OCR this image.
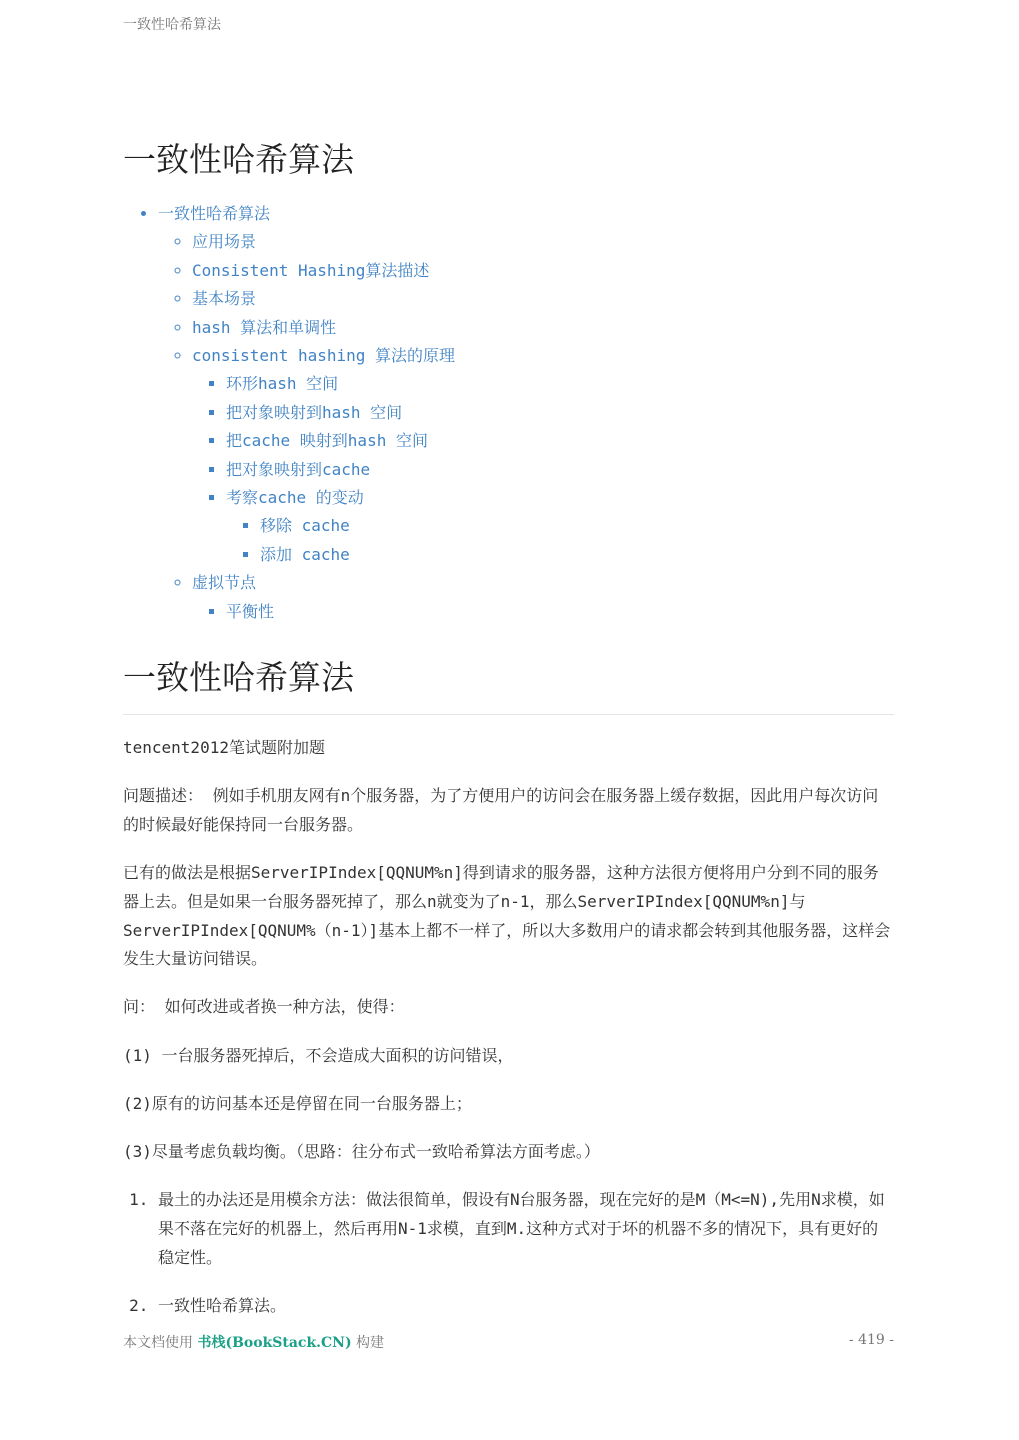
一致性哈希算法
一致性哈希算法
• 一致性哈希算法
◦ 应用场景
◦ Consistent Hashing算法描述
◦ 基本场景
◦ hash 算法和单调性
◦ consistent hashing 算法的原理
▪ 环形hash 空间
▪ 把对象映射到hash 空间
▪ 把cache 映射到hash 空间
▪ 把对象映射到cache
▪ 考察cache 的变动
▪ 移除 cache
▪ 添加 cache
◦ 虚拟节点
▪ 平衡性
一致性哈希算法

tencent2012笔试题附加题

问题描述： 例如手机朋友网有n个服务器，为了方便用户的访问会在服务器上缓存数据，因此用户每次访问的时候最好能保持同一台服务器。

已有的做法是根据ServerIPIndex[QQNUM%n]得到请求的服务器，这种方法很方便将用户分到不同的服务器上去。但是如果一台服务器死掉了，那么n就变为了n-1，那么ServerIPIndex[QQNUM%n]与ServerIPIndex[QQNUM%（n-1）]基本上都不一样了，所以大多数用户的请求都会转到其他服务器，这样会发生大量访问错误。

问： 如何改进或者换一种方法，使得：

(1) 一台服务器死掉后，不会造成大面积的访问错误，

(2)原有的访问基本还是停留在同一台服务器上；

(3)尽量考虑负载均衡。（思路：往分布式一致哈希算法方面考虑。）

1. 最土的办法还是用模余方法：做法很简单，假设有N台服务器，现在完好的是M（M<=N),先用N求模，如果不落在完好的机器上，然后再用N-1求模，直到M.这种方式对于坏的机器不多的情况下，具有更好的稳定性。
2. 一致性哈希算法。
本文档使用 书栈(BookStack.CN) 构建	- 419 -
